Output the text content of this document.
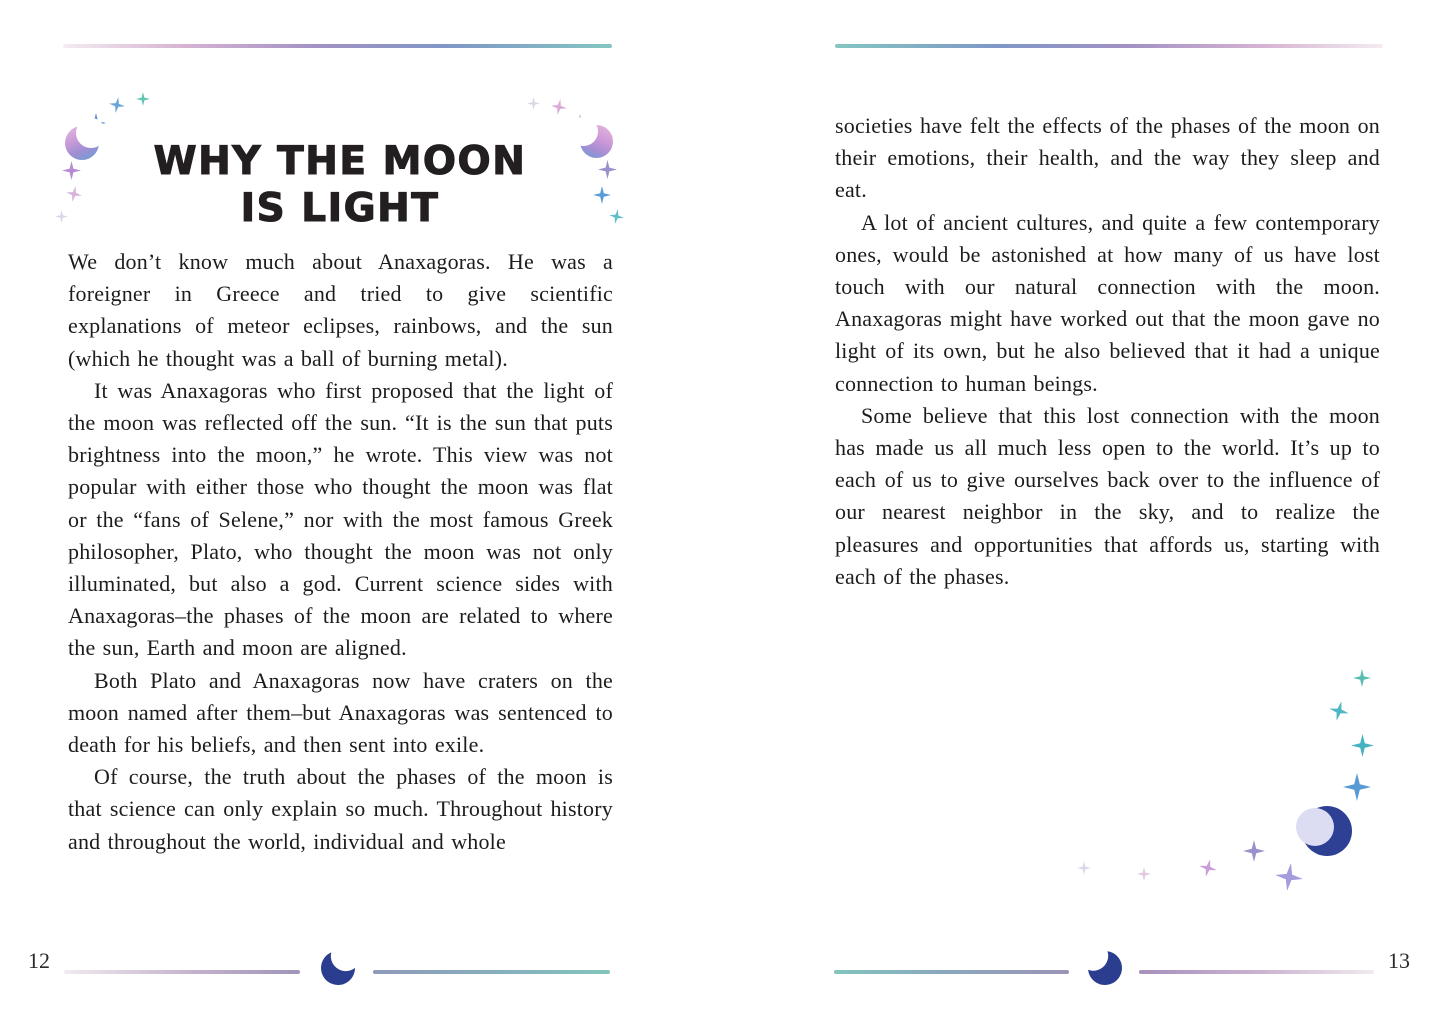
WHY THE MOON
IS LIGHT

We don’t know much about Anaxagoras. He was a foreigner in Greece and tried to give scientific explanations of meteor eclipses, rainbows, and the sun (which he thought was a ball of burning metal).

It was Anaxagoras who first proposed that the light of the moon was reflected off the sun. “It is the sun that puts brightness into the moon,” he wrote. This view was not popular with either those who thought the moon was flat or the “fans of Selene,” nor with the most famous Greek philosopher, Plato, who thought the moon was not only illuminated, but also a god. Current science sides with Anaxagoras–the phases of the moon are related to where the sun, Earth and moon are aligned.

Both Plato and Anaxagoras now have craters on the moon named after them–but Anaxagoras was sentenced to death for his beliefs, and then sent into exile.

Of course, the truth about the phases of the moon is that science can only explain so much. Throughout history and throughout the world, individual and whole

12

societies have felt the effects of the phases of the moon on their emotions, their health, and the way they sleep and eat.

A lot of ancient cultures, and quite a few contemporary ones, would be astonished at how many of us have lost touch with our natural connection with the moon. Anaxagoras might have worked out that the moon gave no light of its own, but he also believed that it had a unique connection to human beings.

Some believe that this lost connection with the moon has made us all much less open to the world. It’s up to each of us to give ourselves back over to the influence of our nearest neighbor in the sky, and to realize the pleasures and opportunities that affords us, starting with each of the phases.

13
